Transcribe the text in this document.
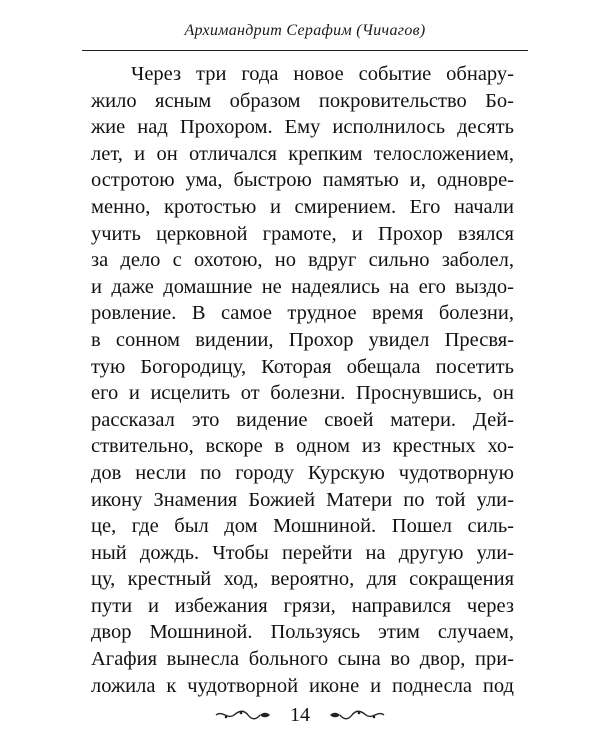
Архимандрит Серафим (Чичагов)
Через три года новое событие обнару-
жило ясным образом покровительство Бо-
жие над Прохором. Ему исполнилось десять
лет, и он отличался крепким телосложением,
остротою ума, быстрою памятью и, одновре-
менно, кротостью и смирением. Его начали
учить церковной грамоте, и Прохор взялся
за дело с охотою, но вдруг сильно заболел,
и даже домашние не надеялись на его выздо-
ровление. В самое трудное время болезни,
в сонном видении, Прохор увидел Пресвя-
тую Богородицу, Которая обещала посетить
его и исцелить от болезни. Проснувшись, он
рассказал это видение своей матери. Дей-
ствительно, вскоре в одном из крестных хо-
дов несли по городу Курскую чудотворную
икону Знамения Божией Матери по той ули-
це, где был дом Мошниной. Пошел силь-
ный дождь. Чтобы перейти на другую ули-
цу, крестный ход, вероятно, для сокращения
пути и избежания грязи, направился через
двор Мошниной. Пользуясь этим случаем,
Агафия вынесла больного сына во двор, при-
ложила к чудотворной иконе и поднесла под
14
